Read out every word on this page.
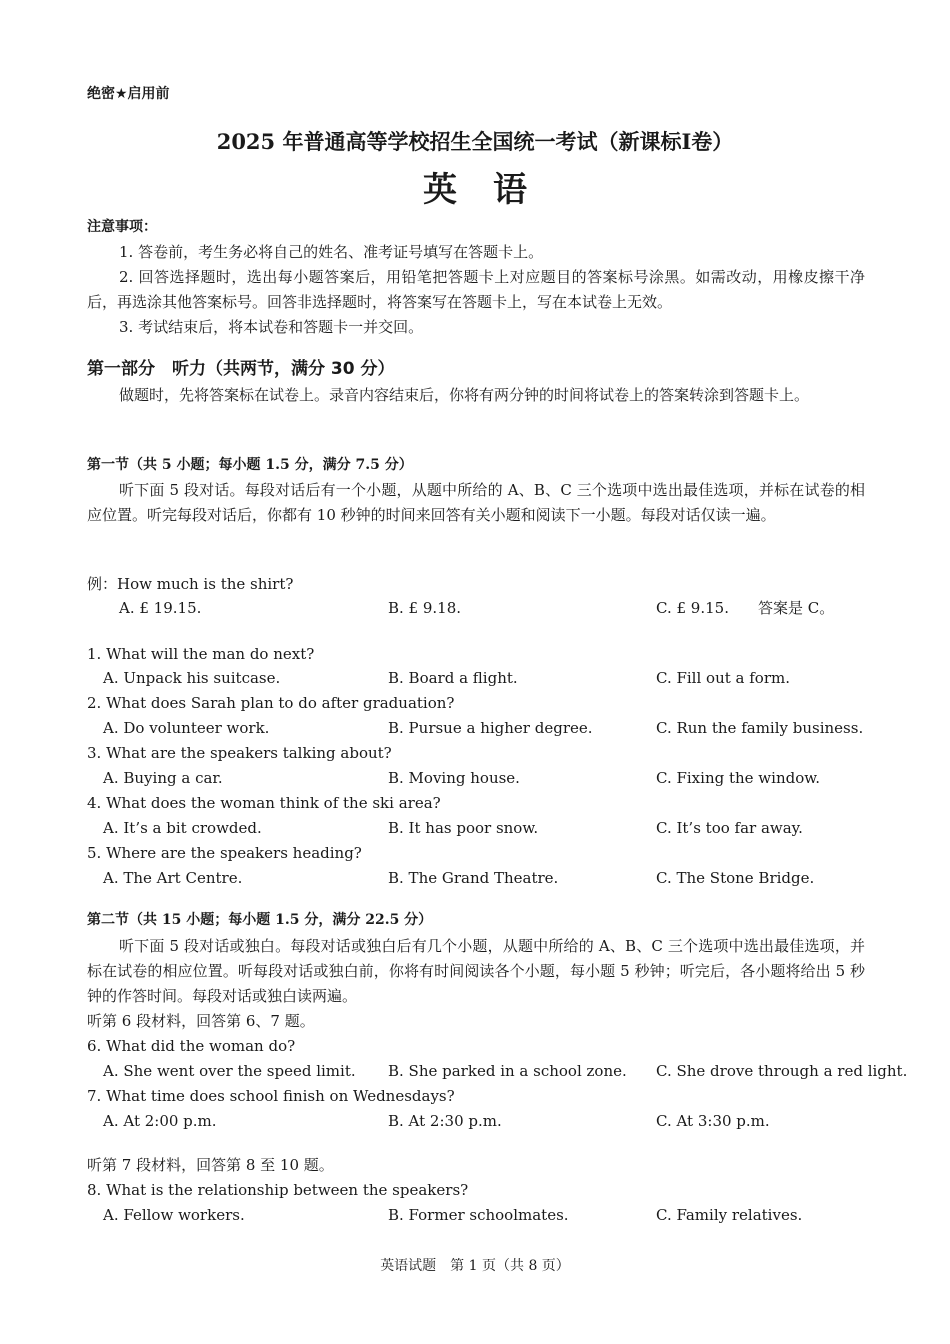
绝密★启用前
2025 年普通高等学校招生全国统一考试（新课标Ⅰ卷）
英语
注意事项：
1. 答卷前，考生务必将自己的姓名、准考证号填写在答题卡上。
2. 回答选择题时，选出每小题答案后，用铅笔把答题卡上对应题目的答案标号涂黑。如需改动，用橡皮擦干净后，再选涂其他答案标号。回答非选择题时，将答案写在答题卡上，写在本试卷上无效。
3. 考试结束后，将本试卷和答题卡一并交回。
第一部分　听力（共两节，满分 30 分）
做题时，先将答案标在试卷上。录音内容结束后，你将有两分钟的时间将试卷上的答案转涂到答题卡上。
第一节（共 5 小题；每小题 1.5 分，满分 7.5 分）
听下面 5 段对话。每段对话后有一个小题，从题中所给的 A、B、C 三个选项中选出最佳选项，并标在试卷的相应位置。听完每段对话后，你都有 10 秒钟的时间来回答有关小题和阅读下一小题。每段对话仅读一遍。
例：How much is the shirt?
A. £ 19.15.	B. £ 9.18.	C. £ 9.15. 答案是 C。
1. What will the man do next?
A. Unpack his suitcase.	B. Board a flight.	C. Fill out a form.
2. What does Sarah plan to do after graduation?
A. Do volunteer work.	B. Pursue a higher degree.	C. Run the family business.
3. What are the speakers talking about?
A. Buying a car.	B. Moving house.	C. Fixing the window.
4. What does the woman think of the ski area?
A. It’s a bit crowded.	B. It has poor snow.	C. It’s too far away.
5. Where are the speakers heading?
A. The Art Centre.	B. The Grand Theatre.	C. The Stone Bridge.
第二节（共 15 小题；每小题 1.5 分，满分 22.5 分）
听下面 5 段对话或独白。每段对话或独白后有几个小题，从题中所给的 A、B、C 三个选项中选出最佳选项，并标在试卷的相应位置。听每段对话或独白前，你将有时间阅读各个小题，每小题 5 秒钟；听完后，各小题将给出 5 秒钟的作答时间。每段对话或独白读两遍。
听第 6 段材料，回答第 6、7 题。
6. What did the woman do?
A. She went over the speed limit. B. She parked in a school zone. C. She drove through a red light.
7. What time does school finish on Wednesdays?
A. At 2:00 p.m.	B. At 2:30 p.m.	C. At 3:30 p.m.
听第 7 段材料，回答第 8 至 10 题。
8. What is the relationship between the speakers?
A. Fellow workers.	B. Former schoolmates.	C. Family relatives.
英语试题　第 1 页（共 8 页）
